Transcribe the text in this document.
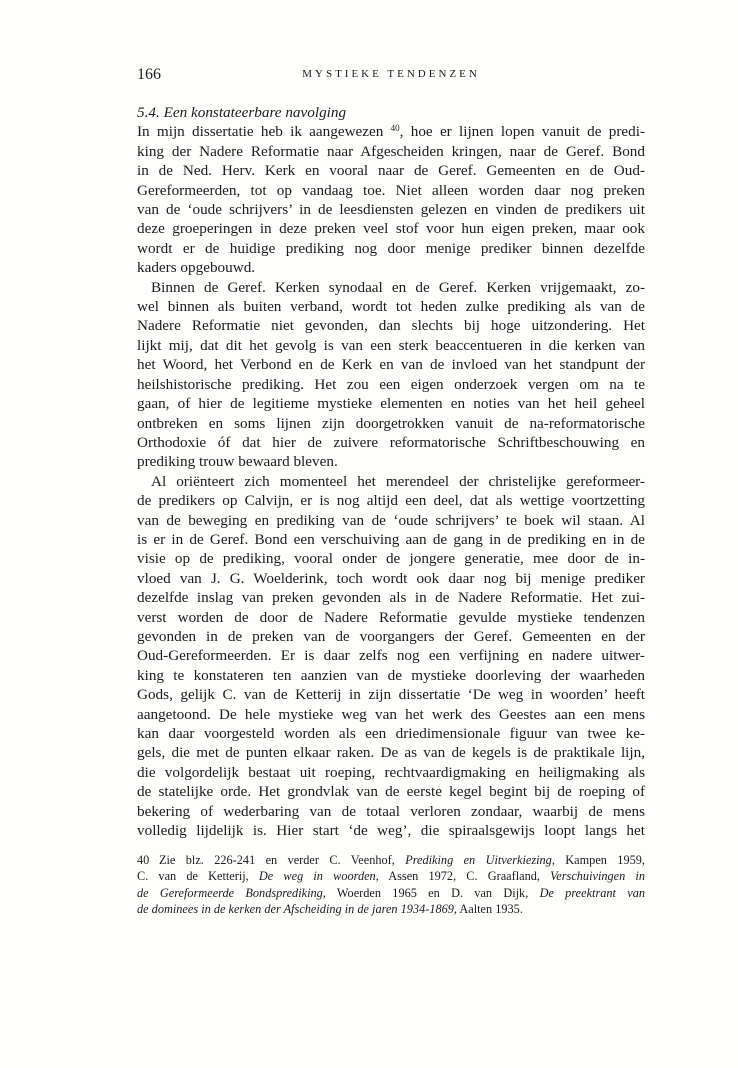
166	MYSTIEKE TENDENZEN
5.4. Een konstateerbare navolging
In mijn dissertatie heb ik aangewezen $^{40}$, hoe er lijnen lopen vanuit de predi-
king der Nadere Reformatie naar Afgescheiden kringen, naar de Geref. Bond
in de Ned. Herv. Kerk en vooral naar de Geref. Gemeenten en de Oud-
Gereformeerden, tot op vandaag toe. Niet alleen worden daar nog preken
van de ‘oude schrijvers’ in de leesdiensten gelezen en vinden de predikers uit
deze groeperingen in deze preken veel stof voor hun eigen preken, maar ook
wordt er de huidige prediking nog door menige prediker binnen dezelfde
kaders opgebouwd.
Binnen de Geref. Kerken synodaal en de Geref. Kerken vrijgemaakt, zo-
wel binnen als buiten verband, wordt tot heden zulke prediking als van de
Nadere Reformatie niet gevonden, dan slechts bij hoge uitzondering. Het
lijkt mij, dat dit het gevolg is van een sterk beaccentueren in die kerken van
het Woord, het Verbond en de Kerk en van de invloed van het standpunt der
heilshistorische prediking. Het zou een eigen onderzoek vergen om na te
gaan, of hier de legitieme mystieke elementen en noties van het heil geheel
ontbreken en soms lijnen zijn doorgetrokken vanuit de na-reformatorische
Orthodoxie óf dat hier de zuivere reformatorische Schriftbeschouwing en
prediking trouw bewaard bleven.
Al oriënteert zich momenteel het merendeel der christelijke gereformeer-
de predikers op Calvijn, er is nog altijd een deel, dat als wettige voortzetting
van de beweging en prediking van de ‘oude schrijvers’ te boek wil staan. Al
is er in de Geref. Bond een verschuiving aan de gang in de prediking en in de
visie op de prediking, vooral onder de jongere generatie, mee door de in-
vloed van J. G. Woelderink, toch wordt ook daar nog bij menige prediker
dezelfde inslag van preken gevonden als in de Nadere Reformatie. Het zui-
verst worden de door de Nadere Reformatie gevulde mystieke tendenzen
gevonden in de preken van de voorgangers der Geref. Gemeenten en der
Oud-Gereformeerden. Er is daar zelfs nog een verfijning en nadere uitwer-
king te konstateren ten aanzien van de mystieke doorleving der waarheden
Gods, gelijk C. van de Ketterij in zijn dissertatie ‘De weg in woorden’ heeft
aangetoond. De hele mystieke weg van het werk des Geestes aan een mens
kan daar voorgesteld worden als een driedimensionale figuur van twee ke-
gels, die met de punten elkaar raken. De as van de kegels is de praktikale lijn,
die volgordelijk bestaat uit roeping, rechtvaardigmaking en heiligmaking als
de statelijke orde. Het grondvlak van de eerste kegel begint bij de roeping of
bekering of wederbaring van de totaal verloren zondaar, waarbij de mens
volledig lijdelijk is. Hier start ‘de weg’, die spiraalsgewijs loopt langs het
40 Zie blz. 226-241 en verder C. Veenhof, Prediking en Uitverkiezing, Kampen 1959,
C. van de Ketterij, De weg in woorden, Assen 1972, C. Graafland, Verschuivingen in
de Gereformeerde Bondsprediking, Woerden 1965 en D. van Dijk, De preektrant van
de dominees in de kerken der Afscheiding in de jaren 1934-1869, Aalten 1935.
